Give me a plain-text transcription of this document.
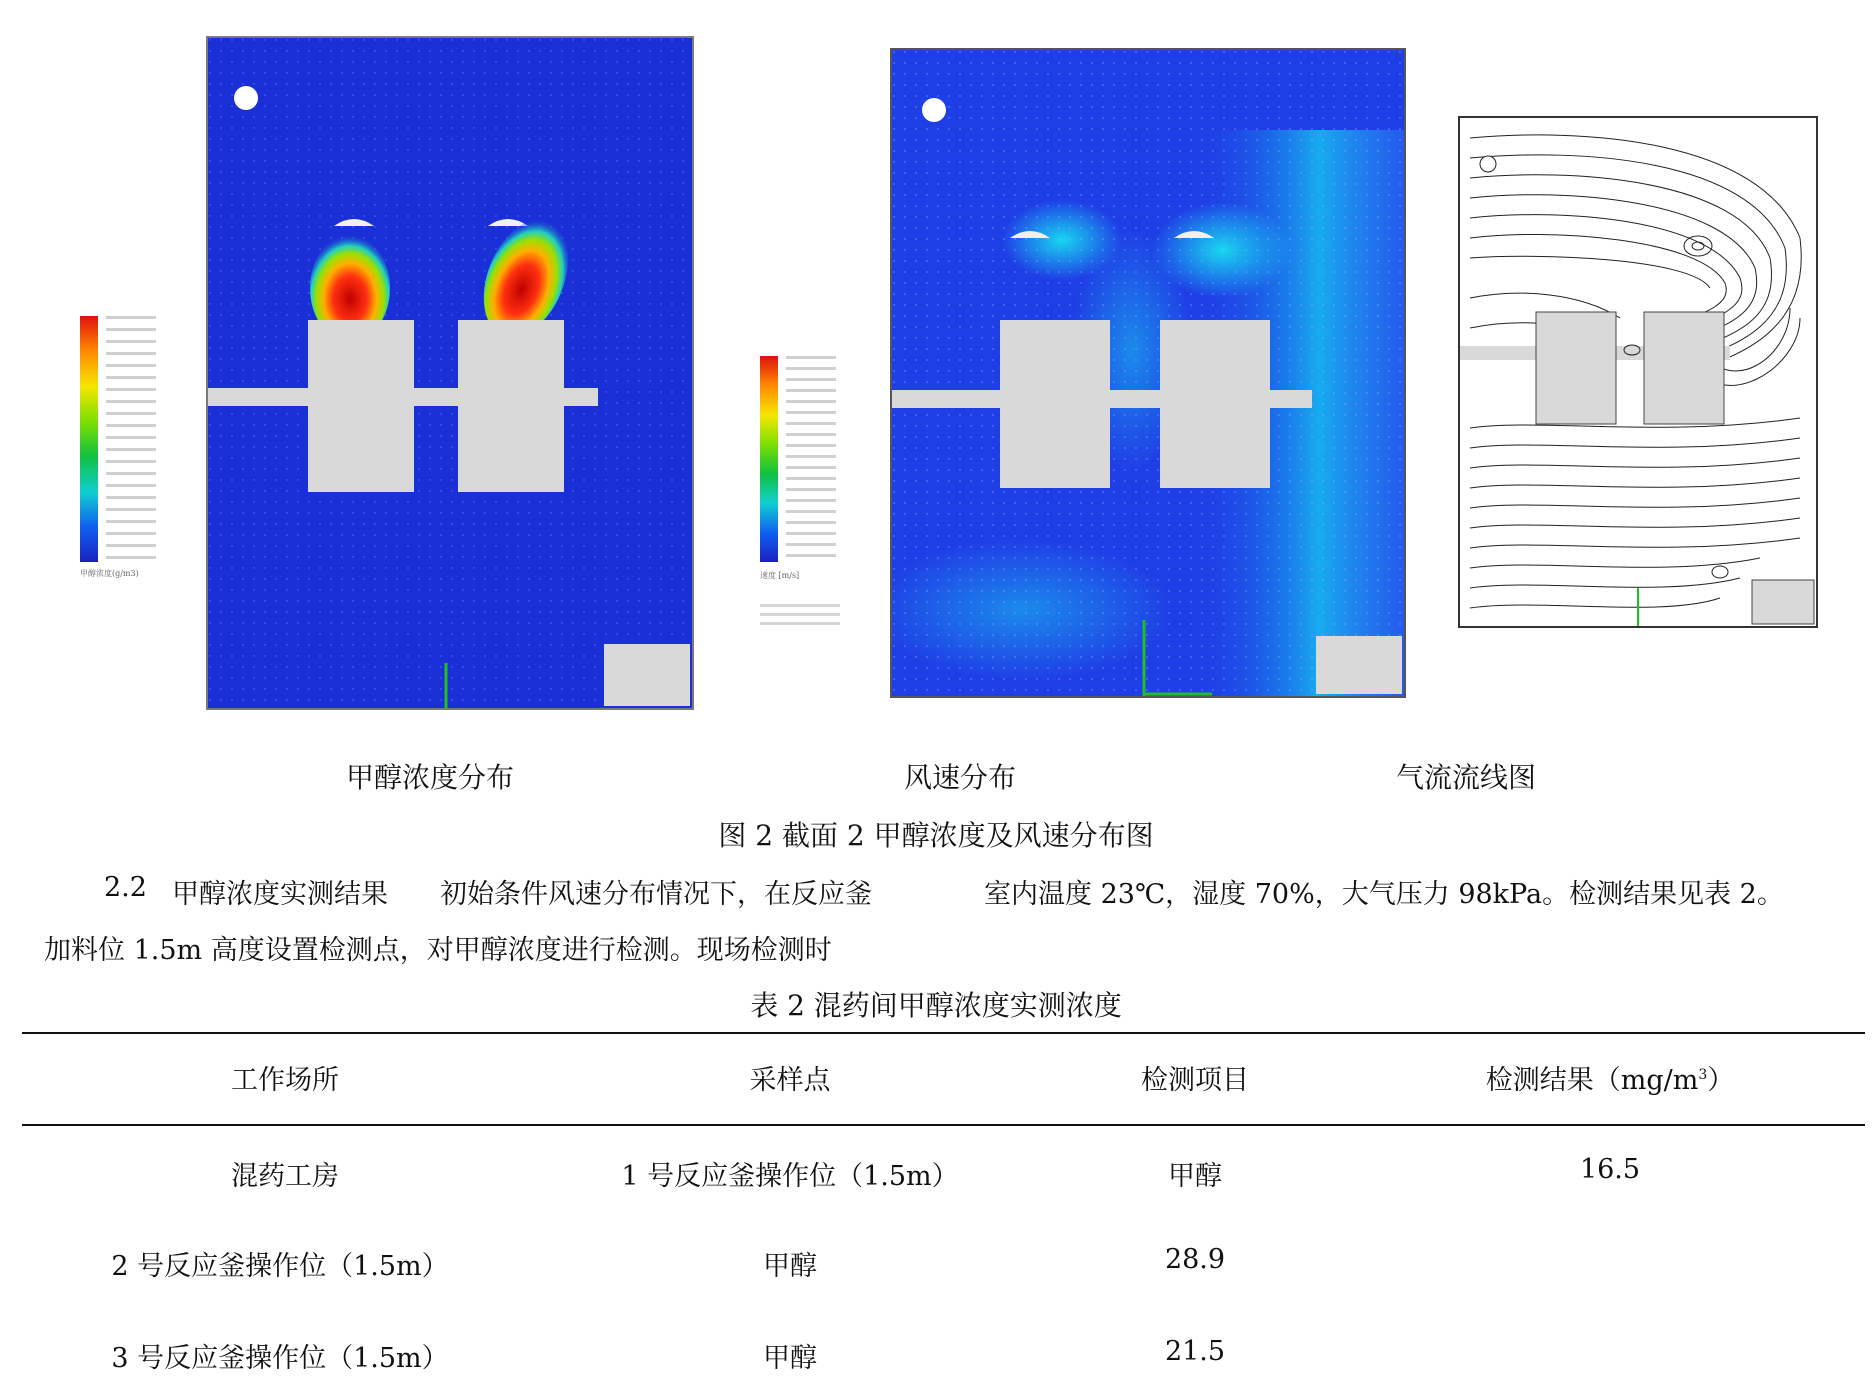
甲醇浓度(g/m3)	速度 [m/s]
甲醇浓度分布	风速分布	气流流线图
图 2 截面 2 甲醇浓度及风速分布图
2.2 甲醇浓度实测结果 初始条件风速分布情况下，在反应釜	室内温度 23℃，湿度 70%，大气压力 98kPa。检测结果见表 2。
加料位 1.5m 高度设置检测点，对甲醇浓度进行检测。现场检测时
表 2 混药间甲醇浓度实测浓度
工作场所	采样点	检测项目	检测结果$(mg/m^3)$
混药工房	1 号反应釜操作位（1.5m）	甲醇	16.5
2 号反应釜操作位（1.5m）	甲醇	28.9
3 号反应釜操作位（1.5m）	甲醇	21.5
